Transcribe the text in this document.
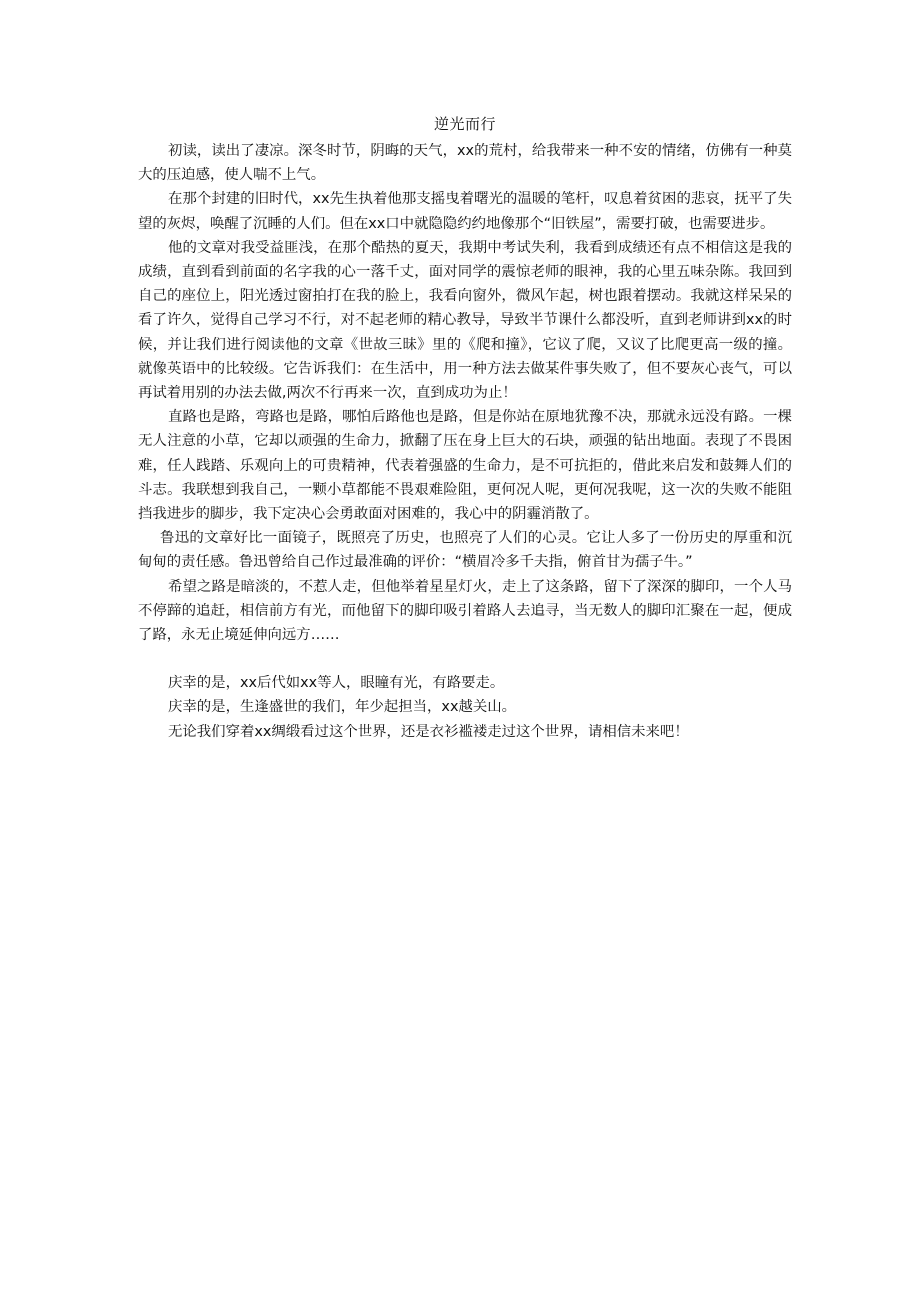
逆光而行

初读，读出了凄凉。深冬时节，阴晦的天气，xx的荒村，给我带来一种不安的情绪，仿佛有一种莫大的压迫感，使人喘不上气。

在那个封建的旧时代，xx先生执着他那支摇曳着曙光的温暖的笔杆，叹息着贫困的悲哀，抚平了失望的灰烬，唤醒了沉睡的人们。但在xx口中就隐隐约约地像那个“旧铁屋”，需要打破，也需要进步。

他的文章对我受益匪浅，在那个酷热的夏天，我期中考试失利，我看到成绩还有点不相信这是我的成绩，直到看到前面的名字我的心一落千丈，面对同学的震惊老师的眼神，我的心里五味杂陈。我回到自己的座位上，阳光透过窗拍打在我的脸上，我看向窗外，微风乍起，树也跟着摆动。我就这样呆呆的看了许久，觉得自己学习不行，对不起老师的精心教导，导致半节课什么都没听，直到老师讲到xx的时候，并让我们进行阅读他的文章《世故三昧》里的《爬和撞》，它议了爬，又议了比爬更高一级的撞。就像英语中的比较级。它告诉我们：在生活中，用一种方法去做某件事失败了，但不要灰心丧气，可以再试着用别的办法去做,两次不行再来一次，直到成功为止！

直路也是路，弯路也是路，哪怕后路他也是路，但是你站在原地犹豫不决，那就永远没有路。一棵无人注意的小草，它却以顽强的生命力，掀翻了压在身上巨大的石块，顽强的钻出地面。表现了不畏困难，任人践踏、乐观向上的可贵精神，代表着强盛的生命力，是不可抗拒的，借此来启发和鼓舞人们的斗志。我联想到我自己，一颗小草都能不畏艰难险阻，更何况人呢，更何况我呢，这一次的失败不能阻挡我进步的脚步，我下定决心会勇敢面对困难的，我心中的阴霾消散了。

鲁迅的文章好比一面镜子，既照亮了历史，也照亮了人们的心灵。它让人多了一份历史的厚重和沉甸甸的责任感。鲁迅曾给自己作过最准确的评价：“横眉冷多千夫指，俯首甘为孺子牛。”

希望之路是暗淡的，不惹人走，但他举着星星灯火，走上了这条路，留下了深深的脚印，一个人马不停蹄的追赶，相信前方有光，而他留下的脚印吸引着路人去追寻，当无数人的脚印汇聚在一起，便成了路，永无止境延伸向远方……

庆幸的是，xx后代如xx等人，眼瞳有光，有路要走。

庆幸的是，生逢盛世的我们，年少起担当，xx越关山。

无论我们穿着xx绸缎看过这个世界，还是衣衫褴褛走过这个世界，请相信未来吧！
